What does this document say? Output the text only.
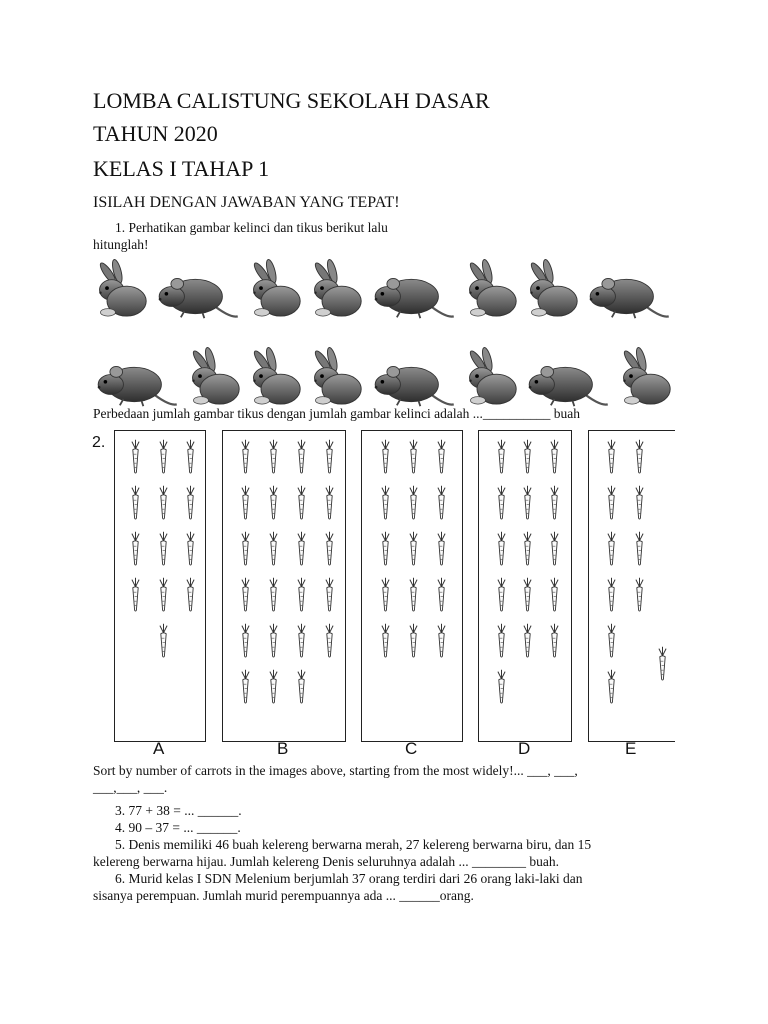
LOMBA CALISTUNG SEKOLAH DASAR
TAHUN 2020
KELAS I TAHAP 1
ISILAH DENGAN JAWABAN YANG TEPAT!
1. Perhatikan gambar kelinci dan tikus berikut lalu
hitunglah!
Perbedaan jumlah gambar tikus dengan jumlah gambar kelinci adalah ...__________ buah
2.
A	B	C	D	E
Sort by number of carrots in the images above, starting from the most widely!... ___, ___,
___,___, ___.
3. 77 + 38 = ... ______.
4. 90 – 37 = ... ______.
5. Denis memiliki 46 buah kelereng berwarna merah, 27 kelereng berwarna biru, dan 15
kelereng berwarna hijau. Jumlah kelereng Denis seluruhnya adalah ... ________ buah.
6. Murid kelas I SDN Melenium berjumlah 37 orang terdiri dari 26 orang laki-laki dan
sisanya perempuan. Jumlah murid perempuannya ada ... ______orang.
